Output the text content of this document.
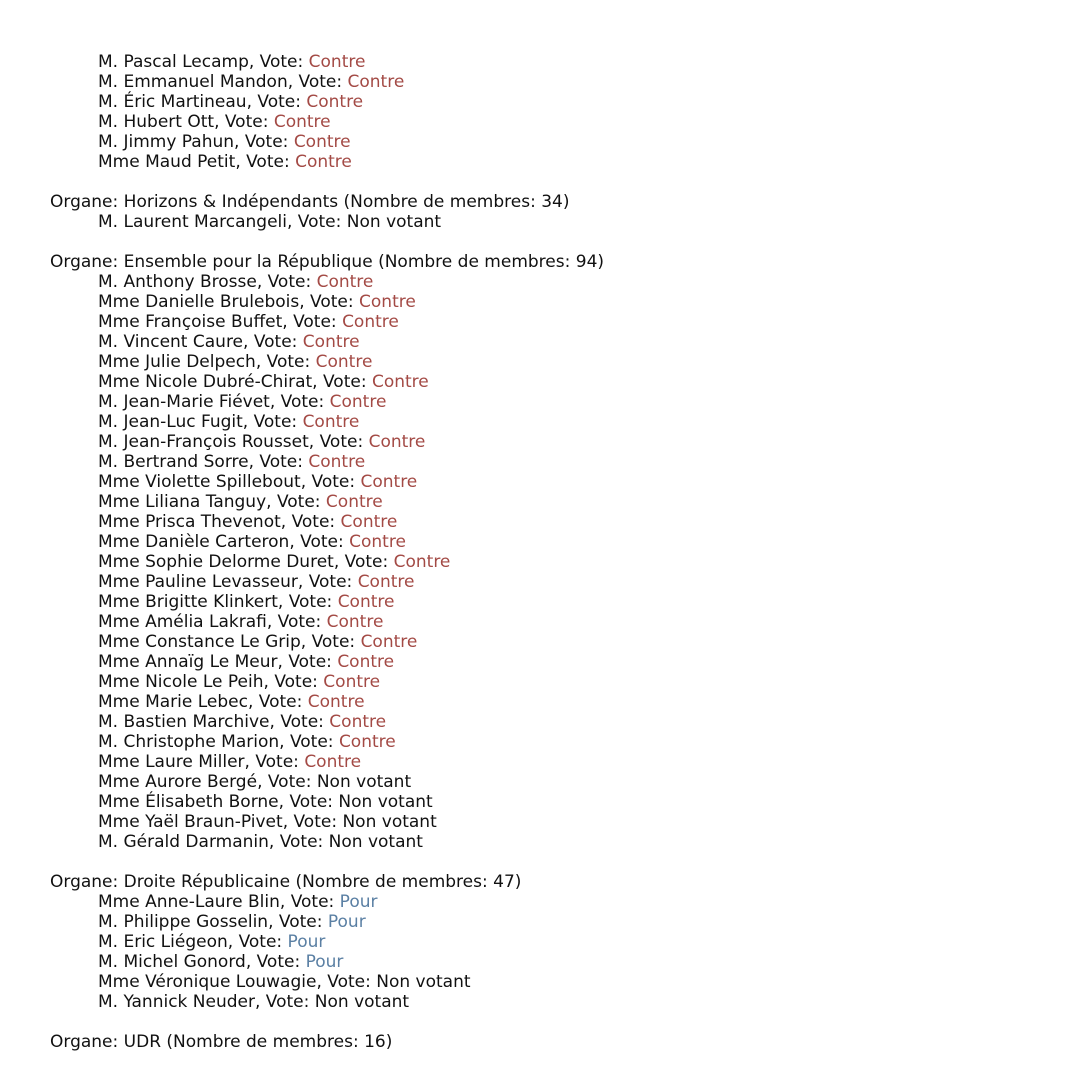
M. Pascal Lecamp, Vote: Contre
M. Emmanuel Mandon, Vote: Contre
M. Éric Martineau, Vote: Contre
M. Hubert Ott, Vote: Contre
M. Jimmy Pahun, Vote: Contre
Mme Maud Petit, Vote: Contre
Organe: Horizons & Indépendants (Nombre de membres: 34)
M. Laurent Marcangeli, Vote: Non votant
Organe: Ensemble pour la République (Nombre de membres: 94)
M. Anthony Brosse, Vote: Contre
Mme Danielle Brulebois, Vote: Contre
Mme Françoise Buffet, Vote: Contre
M. Vincent Caure, Vote: Contre
Mme Julie Delpech, Vote: Contre
Mme Nicole Dubré-Chirat, Vote: Contre
M. Jean-Marie Fiévet, Vote: Contre
M. Jean-Luc Fugit, Vote: Contre
M. Jean-François Rousset, Vote: Contre
M. Bertrand Sorre, Vote: Contre
Mme Violette Spillebout, Vote: Contre
Mme Liliana Tanguy, Vote: Contre
Mme Prisca Thevenot, Vote: Contre
Mme Danièle Carteron, Vote: Contre
Mme Sophie Delorme Duret, Vote: Contre
Mme Pauline Levasseur, Vote: Contre
Mme Brigitte Klinkert, Vote: Contre
Mme Amélia Lakrafi, Vote: Contre
Mme Constance Le Grip, Vote: Contre
Mme Annaïg Le Meur, Vote: Contre
Mme Nicole Le Peih, Vote: Contre
Mme Marie Lebec, Vote: Contre
M. Bastien Marchive, Vote: Contre
M. Christophe Marion, Vote: Contre
Mme Laure Miller, Vote: Contre
Mme Aurore Bergé, Vote: Non votant
Mme Élisabeth Borne, Vote: Non votant
Mme Yaël Braun-Pivet, Vote: Non votant
M. Gérald Darmanin, Vote: Non votant
Organe: Droite Républicaine (Nombre de membres: 47)
Mme Anne-Laure Blin, Vote: Pour
M. Philippe Gosselin, Vote: Pour
M. Eric Liégeon, Vote: Pour
M. Michel Gonord, Vote: Pour
Mme Véronique Louwagie, Vote: Non votant
M. Yannick Neuder, Vote: Non votant
Organe: UDR (Nombre de membres: 16)
